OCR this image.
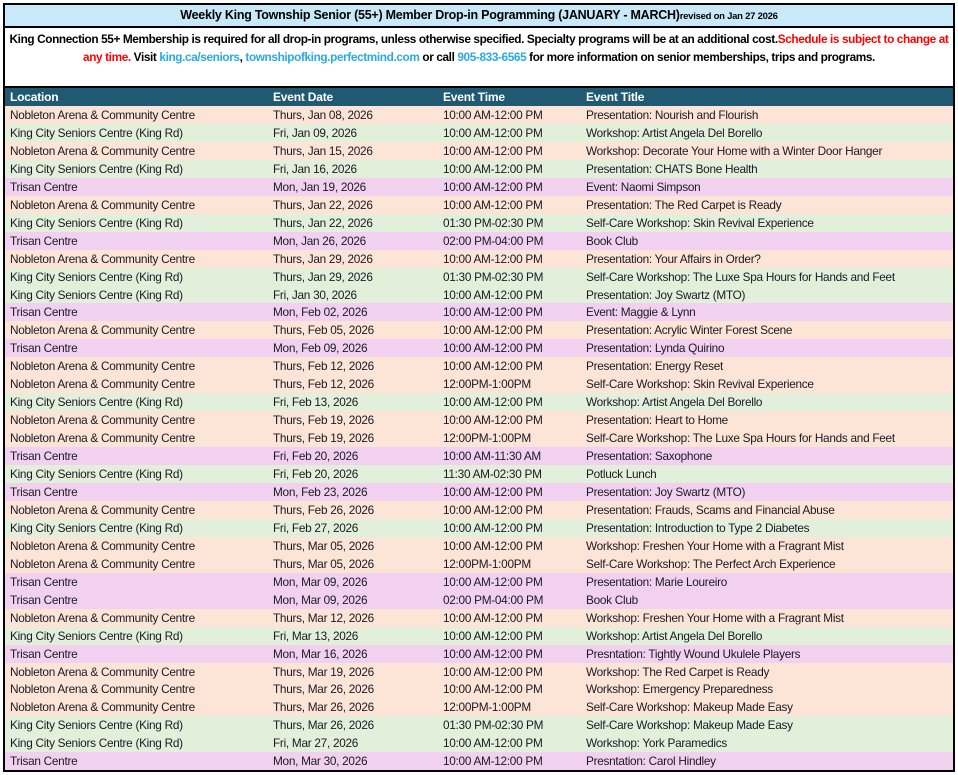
Weekly King Township Senior (55+) Member Drop-in Pogramming (JANUARY - MARCH)revised on Jan 27 2026
King Connection 55+ Membership is required for all drop-in programs, unless otherwise specified. Specialty programs will be at an additional cost.Schedule is subject to change at any time. Visit king.ca/seniors, townshipofking.perfectmind.com or call 905-833-6565 for more information on senior memberships, trips and programs.
Location	Event Date	Event Time	Event Title
Nobleton Arena & Community Centre	Thurs, Jan 08, 2026	10:00 AM-12:00 PM	Presentation: Nourish and Flourish
King City Seniors Centre (King Rd)	Fri, Jan 09, 2026	10:00 AM-12:00 PM	Workshop: Artist Angela Del Borello
Nobleton Arena & Community Centre	Thurs, Jan 15, 2026	10:00 AM-12:00 PM	Workshop: Decorate Your Home with a Winter Door Hanger
King City Seniors Centre (King Rd)	Fri, Jan 16, 2026	10:00 AM-12:00 PM	Presentation: CHATS Bone Health
Trisan Centre	Mon, Jan 19, 2026	10:00 AM-12:00 PM	Event: Naomi Simpson
Nobleton Arena & Community Centre	Thurs, Jan 22, 2026	10:00 AM-12:00 PM	Presentation: The Red Carpet is Ready
King City Seniors Centre (King Rd)	Thurs, Jan 22, 2026	01:30 PM-02:30 PM	Self-Care Workshop: Skin Revival Experience
Trisan Centre	Mon, Jan 26, 2026	02:00 PM-04:00 PM	Book Club
Nobleton Arena & Community Centre	Thurs, Jan 29, 2026	10:00 AM-12:00 PM	Presentation: Your Affairs in Order?
King City Seniors Centre (King Rd)	Thurs, Jan 29, 2026	01:30 PM-02:30 PM	Self-Care Workshop: The Luxe Spa Hours for Hands and Feet
King City Seniors Centre (King Rd)	Fri, Jan 30, 2026	10:00 AM-12:00 PM	Presentation: Joy Swartz (MTO)
Trisan Centre	Mon, Feb 02, 2026	10:00 AM-12:00 PM	Event: Maggie & Lynn
Nobleton Arena & Community Centre	Thurs, Feb 05, 2026	10:00 AM-12:00 PM	Presentation: Acrylic Winter Forest Scene
Trisan Centre	Mon, Feb 09, 2026	10:00 AM-12:00 PM	Presentation: Lynda Quirino
Nobleton Arena & Community Centre	Thurs, Feb 12, 2026	10:00 AM-12:00 PM	Presentation: Energy Reset
Nobleton Arena & Community Centre	Thurs, Feb 12, 2026	12:00PM-1:00PM	Self-Care Workshop: Skin Revival Experience
King City Seniors Centre (King Rd)	Fri, Feb 13, 2026	10:00 AM-12:00 PM	Workshop: Artist Angela Del Borello
Nobleton Arena & Community Centre	Thurs, Feb 19, 2026	10:00 AM-12:00 PM	Presentation: Heart to Home
Nobleton Arena & Community Centre	Thurs, Feb 19, 2026	12:00PM-1:00PM	Self-Care Workshop: The Luxe Spa Hours for Hands and Feet
Trisan Centre	Fri, Feb 20, 2026	10:00 AM-11:30 AM	Presentation: Saxophone
King City Seniors Centre (King Rd)	Fri, Feb 20, 2026	11:30 AM-02:30 PM	Potluck Lunch
Trisan Centre	Mon, Feb 23, 2026	10:00 AM-12:00 PM	Presentation: Joy Swartz (MTO)
Nobleton Arena & Community Centre	Thurs, Feb 26, 2026	10:00 AM-12:00 PM	Presentation: Frauds, Scams and Financial Abuse
King City Seniors Centre (King Rd)	Fri, Feb 27, 2026	10:00 AM-12:00 PM	Presentation: Introduction to Type 2 Diabetes
Nobleton Arena & Community Centre	Thurs, Mar 05, 2026	10:00 AM-12:00 PM	Workshop: Freshen Your Home with a Fragrant Mist
Nobleton Arena & Community Centre	Thurs, Mar 05, 2026	12:00PM-1:00PM	Self-Care Workshop: The Perfect Arch Experience
Trisan Centre	Mon, Mar 09, 2026	10:00 AM-12:00 PM	Presentation: Marie Loureiro
Trisan Centre	Mon, Mar 09, 2026	02:00 PM-04:00 PM	Book Club
Nobleton Arena & Community Centre	Thurs, Mar 12, 2026	10:00 AM-12:00 PM	Workshop: Freshen Your Home with a Fragrant Mist
King City Seniors Centre (King Rd)	Fri, Mar 13, 2026	10:00 AM-12:00 PM	Workshop: Artist Angela Del Borello
Trisan Centre	Mon, Mar 16, 2026	10:00 AM-12:00 PM	Presntation: Tightly Wound Ukulele Players
Nobleton Arena & Community Centre	Thurs, Mar 19, 2026	10:00 AM-12:00 PM	Workshop: The Red Carpet is Ready
Nobleton Arena & Community Centre	Thurs, Mar 26, 2026	10:00 AM-12:00 PM	Workshop: Emergency Preparedness
Nobleton Arena & Community Centre	Thurs, Mar 26, 2026	12:00PM-1:00PM	Self-Care Workshop: Makeup Made Easy
King City Seniors Centre (King Rd)	Thurs, Mar 26, 2026	01:30 PM-02:30 PM	Self-Care Workshop: Makeup Made Easy
King City Seniors Centre (King Rd)	Fri, Mar 27, 2026	10:00 AM-12:00 PM	Workshop: York Paramedics
Trisan Centre	Mon, Mar 30, 2026	10:00 AM-12:00 PM	Presntation: Carol Hindley
